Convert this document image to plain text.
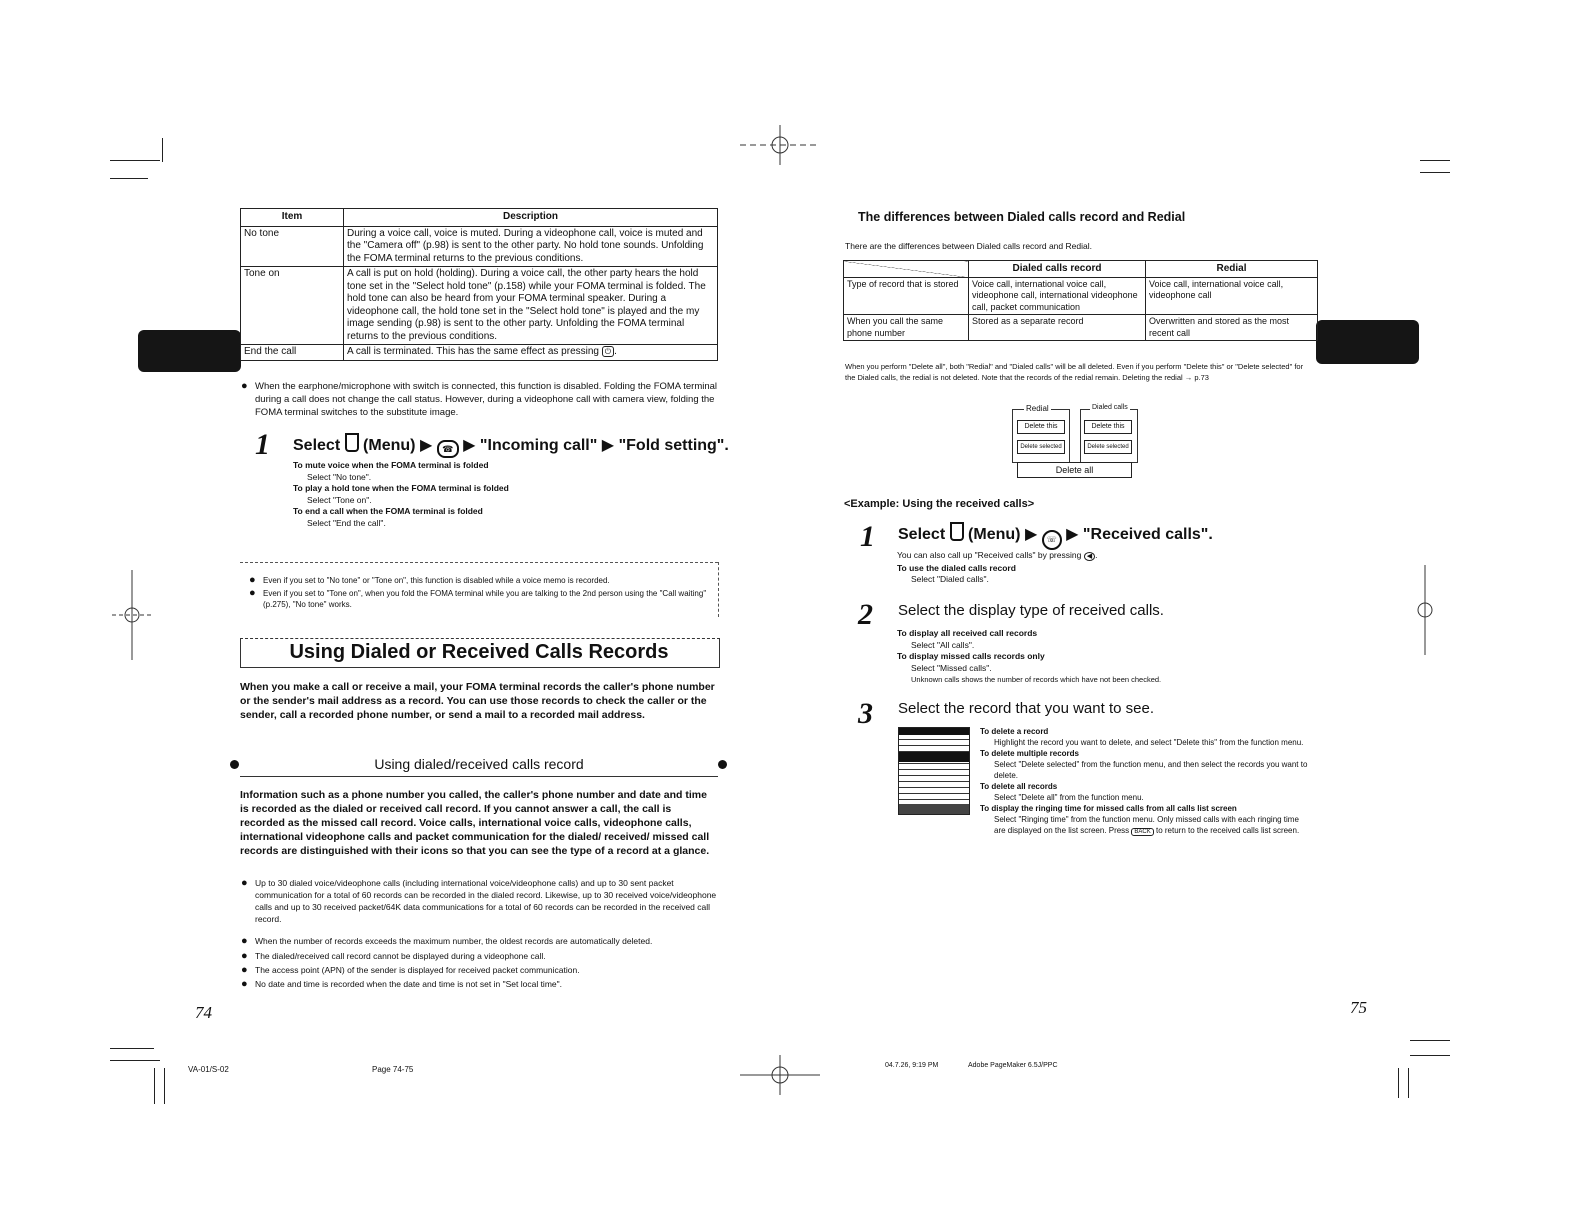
Item	Description
No tone	During a voice call, voice is muted. During a videophone call, voice is muted and the "Camera off" (p.98) is sent to the other party. No hold tone sounds. Unfolding the FOMA terminal returns to the previous conditions.
Tone on	A call is put on hold (holding). During a voice call, the other party hears the hold tone set in the "Select hold tone" (p.158) while your FOMA terminal is folded. The hold tone can also be heard from your FOMA terminal speaker. During a videophone call, the hold tone set in the "Select hold tone" is played and the my image sending (p.98) is sent to the other party. Unfolding the FOMA terminal returns to the previous conditions.
End the call	A call is terminated. This has the same effect as pressing ⏻ .
● When the earphone/microphone with switch is connected, this function is disabled. Folding the FOMA terminal during a call does not change the call status. However, during a videophone call with camera view, folding the FOMA terminal switches to the substitute image.
1 Select (Menu) ▶ ☎ ▶ "Incoming call" ▶ "Fold setting".
To mute voice when the FOMA terminal is folded
Select "No tone".
To play a hold tone when the FOMA terminal is folded
Select "Tone on".
To end a call when the FOMA terminal is folded
Select "End the call".
● Even if you set to "No tone" or "Tone on", this function is disabled while a voice memo is recorded.
● Even if you set to "Tone on", when you fold the FOMA terminal while you are talking to the 2nd person using the "Call waiting" (p.275), "No tone" works.
Using Dialed or Received Calls Records
When you make a call or receive a mail, your FOMA terminal records the caller's phone number or the sender's mail address as a record. You can use those records to check the caller or the sender, call a recorded phone number, or send a mail to a recorded mail address.
Using dialed/received calls record
Information such as a phone number you called, the caller's phone number and date and time is recorded as the dialed or received call record. If you cannot answer a call, the call is recorded as the missed call record. Voice calls, international voice calls, videophone calls, international videophone calls and packet communication for the dialed/ received/ missed call records are distinguished with their icons so that you can see the type of a record at a glance.
● Up to 30 dialed voice/videophone calls (including international voice/videophone calls) and up to 30 sent packet communication for a total of 60 records can be recorded in the dialed record. Likewise, up to 30 received voice/videophone calls and up to 30 received packet/64K data communications for a total of 60 records can be recorded in the received call record.
● When the number of records exceeds the maximum number, the oldest records are automatically deleted.
● The dialed/received call record cannot be displayed during a videophone call.
● The access point (APN) of the sender is displayed for received packet communication.
● No date and time is recorded when the date and time is not set in "Set local time".
74
VA-01/S-02	Page 74-75
The differences between Dialed calls record and Redial
There are the differences between Dialed calls record and Redial.
	Dialed calls record	Redial
Type of record that is stored	Voice call, international voice call, videophone call, international videophone call, packet communication	Voice call, international voice call, videophone call
When you call the same phone number	Stored as a separate record	Overwritten and stored as the most recent call
When you perform "Delete all", both "Redial" and "Dialed calls" will be all deleted. Even if you perform "Delete this" or "Delete selected" for the Dialed calls, the redial is not deleted. Note that the records of the redial remain. Deleting the redial → p.73
Redial	Dialed calls
Delete this	Delete this
Delete selected	Delete selected
Delete all
<Example: Using the received calls>
1 Select (Menu) ▶ ☏ ▶ "Received calls".
You can also call up "Received calls" by pressing ◀ .
To use the dialed calls record
Select "Dialed calls".
2 Select the display type of received calls.
To display all received call records
Select "All calls".
To display missed calls records only
Select "Missed calls".
Unknown calls shows the number of records which have not been checked.
3 Select the record that you want to see.
To delete a record
Highlight the record you want to delete, and select "Delete this" from the function menu.
To delete multiple records
Select "Delete selected" from the function menu, and then select the records you want to delete.
To delete all records
Select "Delete all" from the function menu.
To display the ringing time for missed calls from all calls list screen
Select "Ringing time" from the function menu. Only missed calls with each ringing time are displayed on the list screen. Press BACK to return to the received calls list screen.
75
04.7.26, 9:19 PM	Adobe PageMaker 6.5J/PPC
